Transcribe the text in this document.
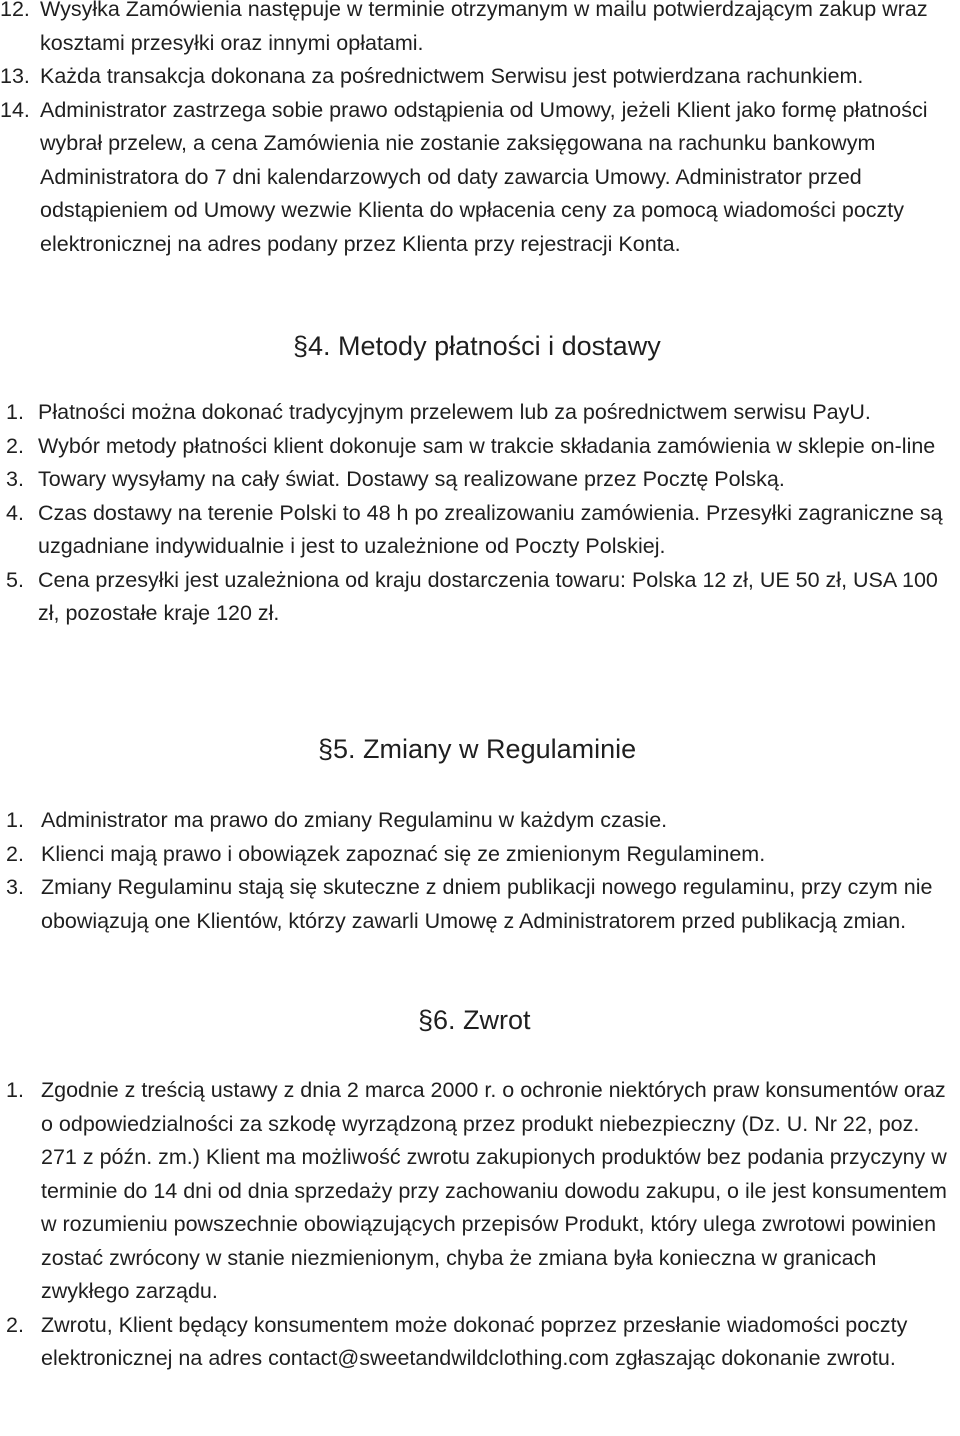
12. Wysyłka Zamówienia następuje w terminie otrzymanym w mailu potwierdzającym zakup wraz kosztami przesyłki oraz innymi opłatami.
13. Każda transakcja dokonana za pośrednictwem Serwisu jest potwierdzana rachunkiem.
14. Administrator zastrzega sobie prawo odstąpienia od Umowy, jeżeli Klient jako formę płatności wybrał przelew, a cena Zamówienia nie zostanie zaksięgowana na rachunku bankowym Administratora do 7 dni kalendarzowych od daty zawarcia Umowy. Administrator przed odstąpieniem od Umowy wezwie Klienta do wpłacenia ceny za pomocą wiadomości poczty elektronicznej na adres podany przez Klienta przy rejestracji Konta.
§4. Metody płatności i dostawy
1. Płatności można dokonać tradycyjnym przelewem lub za pośrednictwem serwisu PayU.
2. Wybór metody płatności klient dokonuje sam w trakcie składania zamówienia w sklepie on-line
3. Towary wysyłamy na cały świat. Dostawy są realizowane przez Pocztę Polską.
4. Czas dostawy na terenie Polski to 48 h po zrealizowaniu zamówienia. Przesyłki zagraniczne są uzgadniane indywidualnie i jest to uzależnione od Poczty Polskiej.
5. Cena przesyłki jest uzależniona od kraju dostarczenia towaru: Polska 12 zł, UE 50 zł, USA 100 zł, pozostałe kraje 120 zł.
§5. Zmiany w Regulaminie
1. Administrator ma prawo do zmiany Regulaminu w każdym czasie.
2. Klienci mają prawo i obowiązek zapoznać się ze zmienionym Regulaminem.
3. Zmiany Regulaminu stają się skuteczne z dniem publikacji nowego regulaminu, przy czym nie obowiązują one Klientów, którzy zawarli Umowę z Administratorem przed publikacją zmian.
§6. Zwrot
1. Zgodnie z treścią ustawy z dnia 2 marca 2000 r. o ochronie niektórych praw konsumentów oraz o odpowiedzialności za szkodę wyrządzoną przez produkt niebezpieczny (Dz. U. Nr 22, poz. 271 z późn. zm.) Klient ma możliwość zwrotu zakupionych produktów bez podania przyczyny w terminie do 14 dni od dnia sprzedaży przy zachowaniu dowodu zakupu, o ile jest konsumentem w rozumieniu powszechnie obowiązujących przepisów Produkt, który ulega zwrotowi powinien zostać zwrócony w stanie niezmienionym, chyba że zmiana była konieczna w granicach zwykłego zarządu.
2. Zwrotu, Klient będący konsumentem może dokonać poprzez przesłanie wiadomości poczty elektronicznej na adres contact@sweetandwildclothing.com zgłaszając dokonanie zwrotu.
